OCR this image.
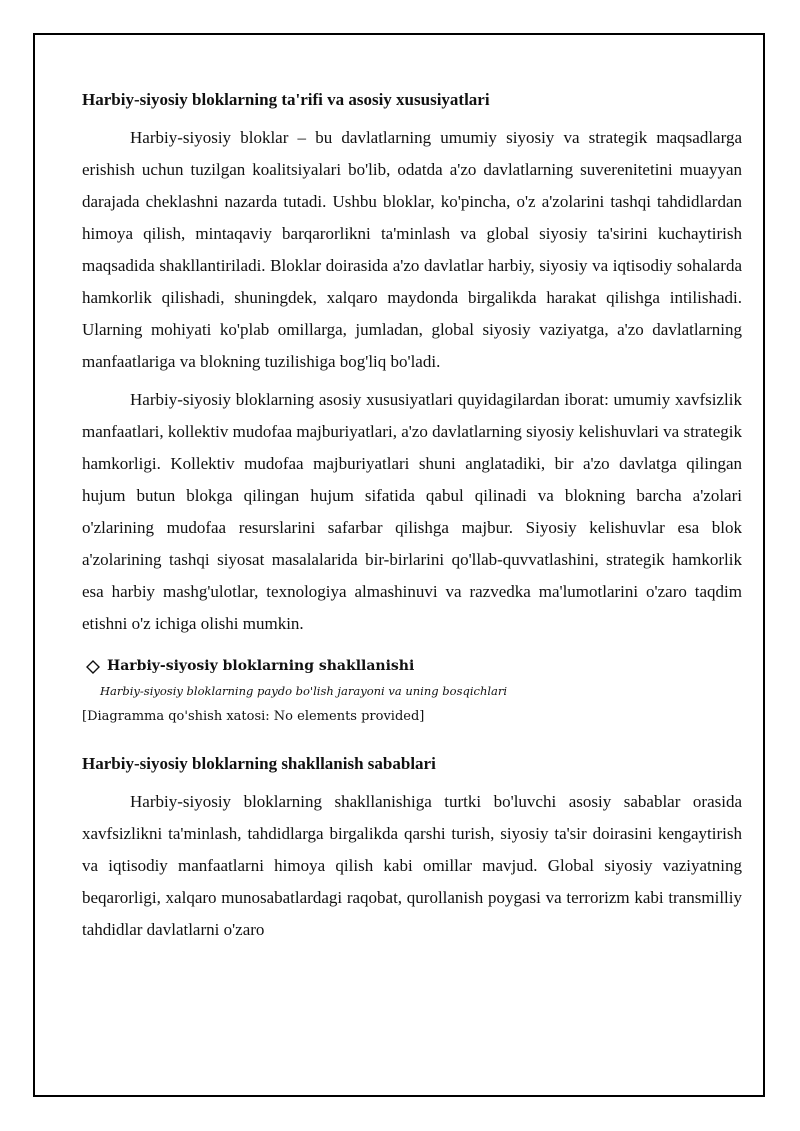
Harbiy-siyosiy bloklarning ta'rifi va asosiy xususiyatlari

Harbiy-siyosiy bloklar – bu davlatlarning umumiy siyosiy va strategik maqsadlarga erishish uchun tuzilgan koalitsiyalari bo'lib, odatda a'zo davlatlarning suverenitetini muayyan darajada cheklashni nazarda tutadi. Ushbu bloklar, ko'pincha, o'z a'zolarini tashqi tahdidlardan himoya qilish, mintaqaviy barqarorlikni ta'minlash va global siyosiy ta'sirini kuchaytirish maqsadida shakllantiriladi. Bloklar doirasida a'zo davlatlar harbiy, siyosiy va iqtisodiy sohalarda hamkorlik qilishadi, shuningdek, xalqaro maydonda birgalikda harakat qilishga intilishadi. Ularning mohiyati ko'plab omillarga, jumladan, global siyosiy vaziyatga, a'zo davlatlarning manfaatlariga va blokning tuzilishiga bog'liq bo'ladi.

Harbiy-siyosiy bloklarning asosiy xususiyatlari quyidagilardan iborat: umumiy xavfsizlik manfaatlari, kollektiv mudofaa majburiyatlari, a'zo davlatlarning siyosiy kelishuvlari va strategik hamkorligi. Kollektiv mudofaa majburiyatlari shuni anglatadiki, bir a'zo davlatga qilingan hujum butun blokga qilingan hujum sifatida qabul qilinadi va blokning barcha a'zolari o'zlarining mudofaa resurslarini safarbar qilishga majbur. Siyosiy kelishuvlar esa blok a'zolarining tashqi siyosat masalalarida bir-birlarini qo'llab-quvvatlashini, strategik hamkorlik esa harbiy mashg'ulotlar, texnologiya almashinuvi va razvedka ma'lumotlarini o'zaro taqdim etishni o'z ichiga olishi mumkin.

Harbiy-siyosiy bloklarning shakllanishi
Harbiy-siyosiy bloklarning paydo bo'lish jarayoni va uning bosqichlari
[Diagramma qo'shish xatosi: No elements provided]
Harbiy-siyosiy bloklarning shakllanish sabablari

Harbiy-siyosiy bloklarning shakllanishiga turtki bo'luvchi asosiy sabablar orasida xavfsizlikni ta'minlash, tahdidlarga birgalikda qarshi turish, siyosiy ta'sir doirasini kengaytirish va iqtisodiy manfaatlarni himoya qilish kabi omillar mavjud. Global siyosiy vaziyatning beqarorligi, xalqaro munosabatlardagi raqobat, qurollanish poygasi va terrorizm kabi transmilliy tahdidlar davlatlarni o'zaro
